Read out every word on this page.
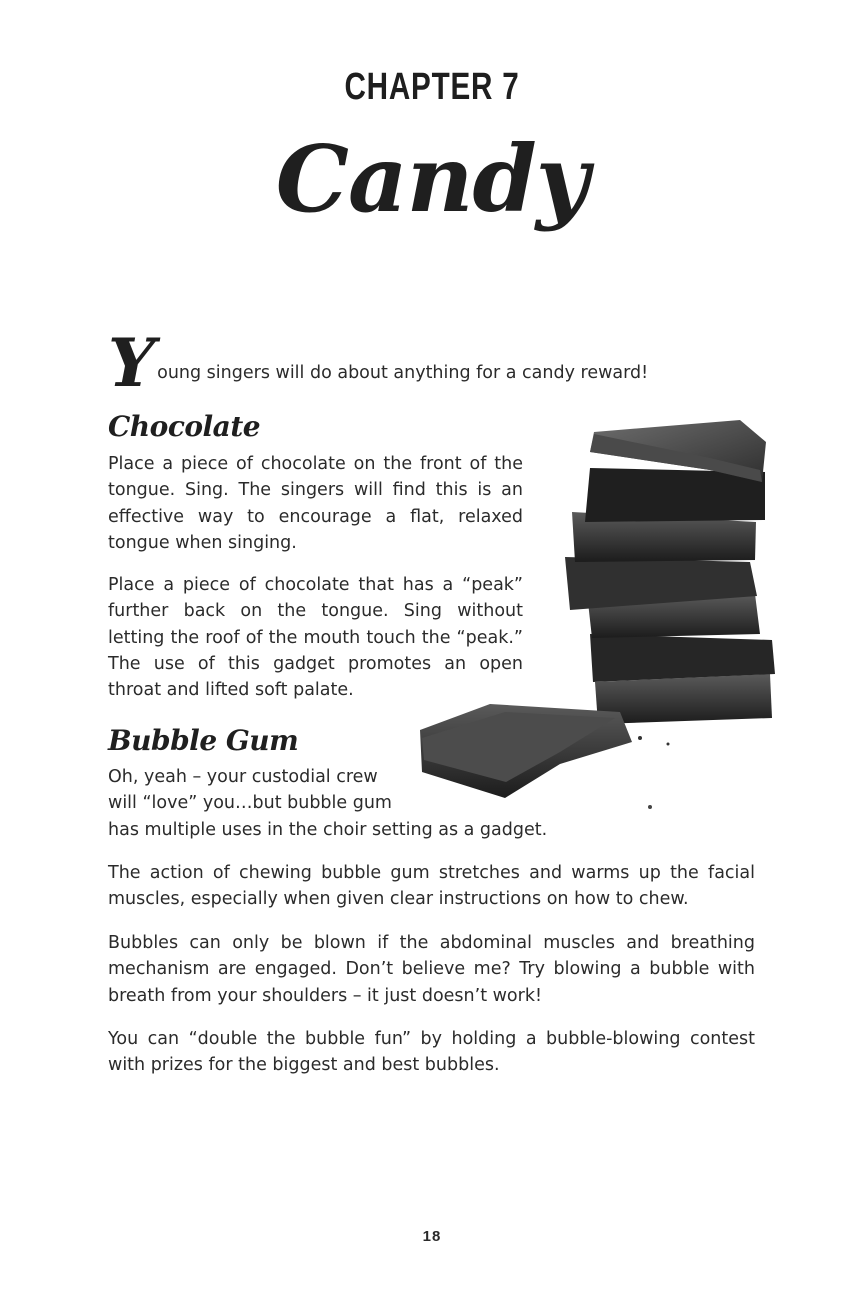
CHAPTER 7
Candy
Young singers will do about anything for a candy reward!
Chocolate

Place a piece of chocolate on the front of the tongue. Sing. The singers will find this is an effective way to encourage a flat, relaxed tongue when singing.

Place a piece of chocolate that has a “peak” further back on the tongue. Sing without letting the roof of the mouth touch the “peak.” The use of this gadget promotes an open throat and lifted soft palate.

Bubble Gum
Oh, yeah – your custodial crew
will “love” you…but bubble gum
has multiple uses in the choir setting as a gadget.

The action of chewing bubble gum stretches and warms up the facial muscles, especially when given clear instructions on how to chew.

Bubbles can only be blown if the abdominal muscles and breathing mechanism are engaged. Don’t believe me? Try blowing a bubble with breath from your shoulders – it just doesn’t work!

You can “double the bubble fun” by holding a bubble-blowing contest with prizes for the biggest and best bubbles.

18
